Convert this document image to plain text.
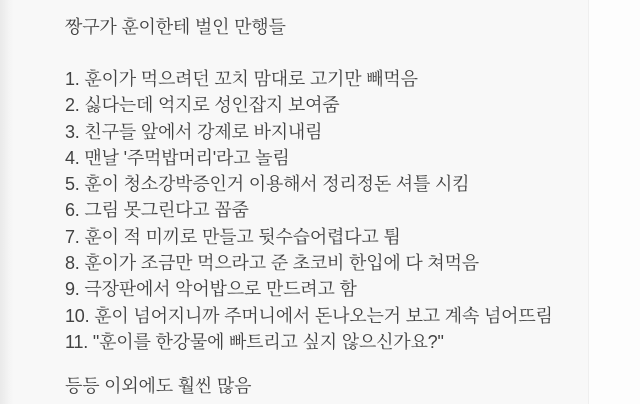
짱구가 훈이한테 벌인 만행들
1. 훈이가 먹으려던 꼬치 맘대로 고기만 빼먹음
2. 싫다는데 억지로 성인잡지 보여줌
3. 친구들 앞에서 강제로 바지내림
4. 맨날 '주먹밥머리'라고 놀림
5. 훈이 청소강박증인거 이용해서 정리정돈 셔틀 시킴
6. 그림 못그린다고 꼽줌
7. 훈이 적 미끼로 만들고 뒷수습어렵다고 튐
8. 훈이가 조금만 먹으라고 준 초코비 한입에 다 쳐먹음
9. 극장판에서 악어밥으로 만드려고 함
10. 훈이 넘어지니까 주머니에서 돈나오는거 보고 계속 넘어뜨림
11. "훈이를 한강물에 빠트리고 싶지 않으신가요?"
등등 이외에도 훨씬 많음
